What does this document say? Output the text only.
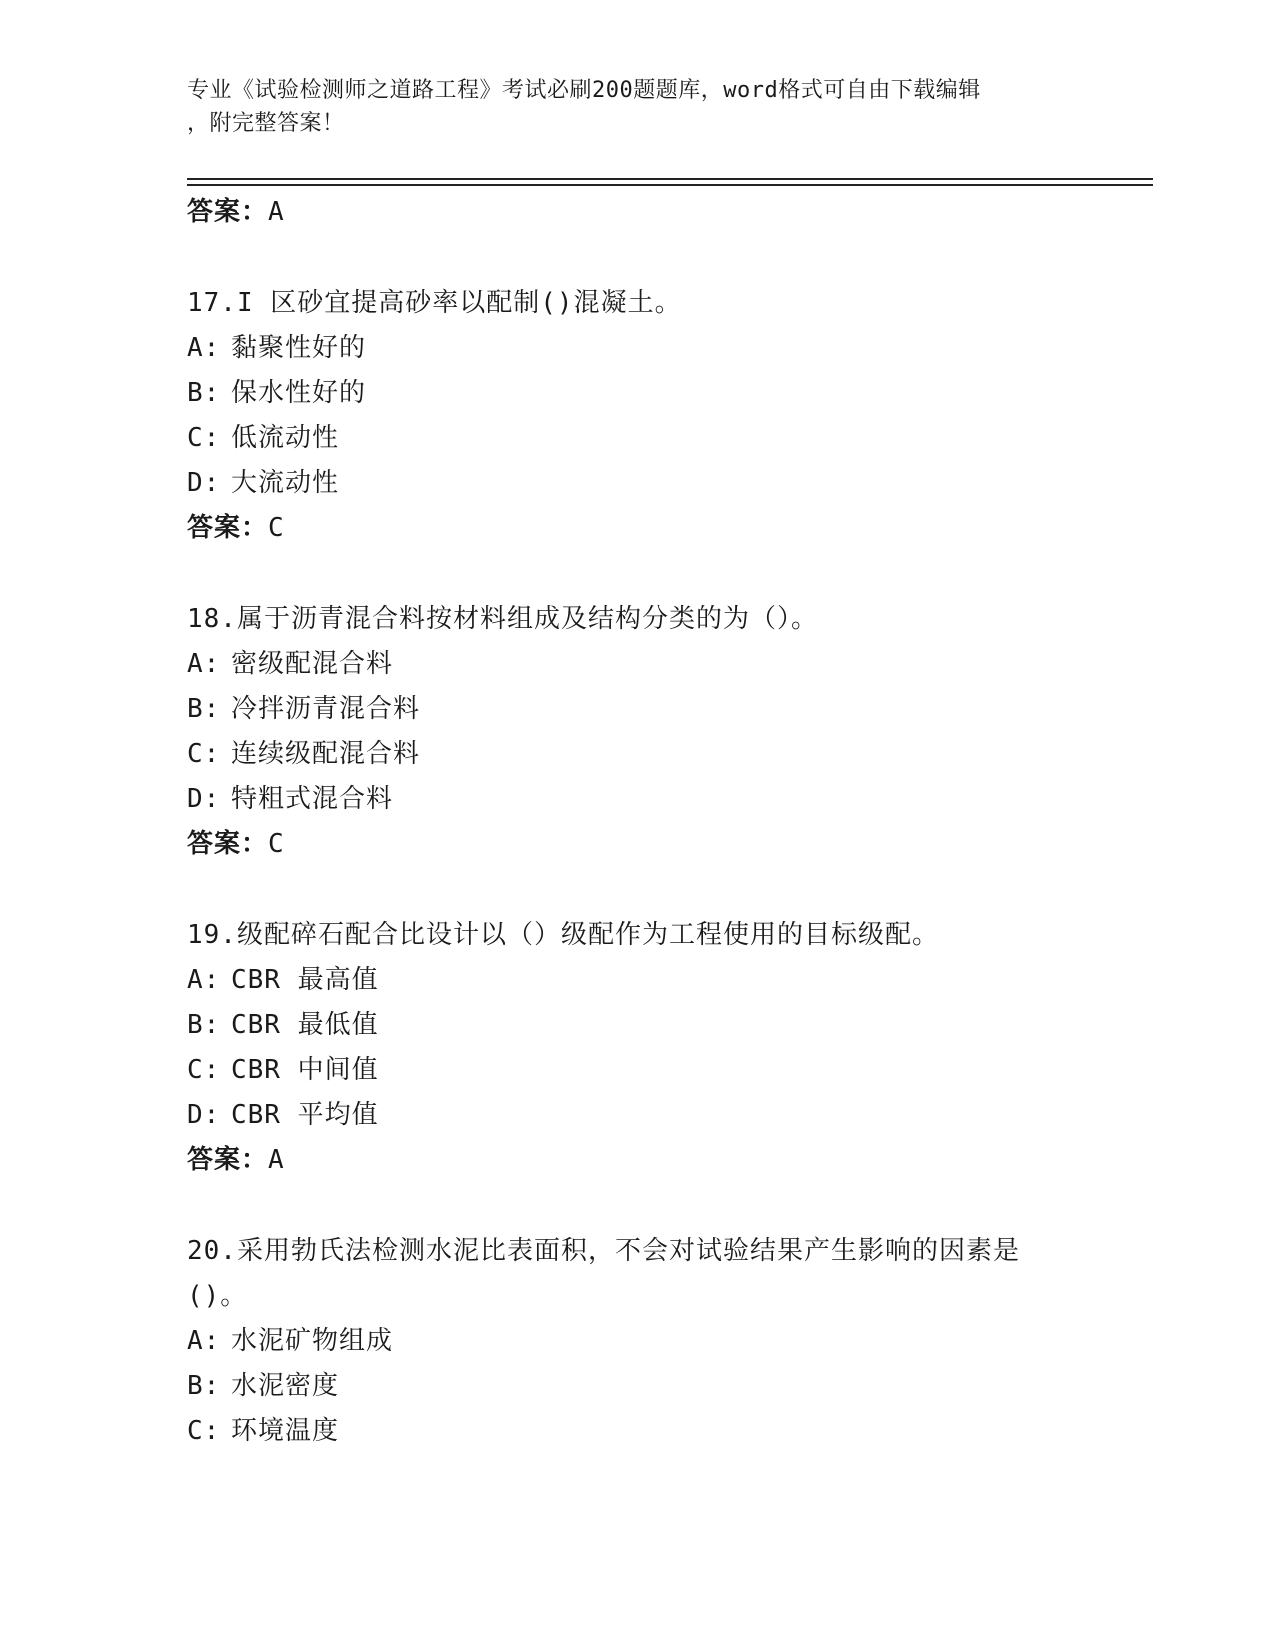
专业《试验检测师之道路工程》考试必刷200题题库，word格式可自由下载编辑
，附完整答案！
答案：A
17.I 区砂宜提高砂率以配制()混凝土。
A: 黏聚性好的
B: 保水性好的
C: 低流动性
D: 大流动性
答案：C
18.属于沥青混合料按材料组成及结构分类的为（）。
A: 密级配混合料
B: 冷拌沥青混合料
C: 连续级配混合料
D: 特粗式混合料
答案：C
19.级配碎石配合比设计以（）级配作为工程使用的目标级配。
A: CBR 最高值
B: CBR 最低值
C: CBR 中间值
D: CBR 平均值
答案：A
20.采用勃氏法检测水泥比表面积，不会对试验结果产生影响的因素是
()。
A: 水泥矿物组成
B: 水泥密度
C: 环境温度
